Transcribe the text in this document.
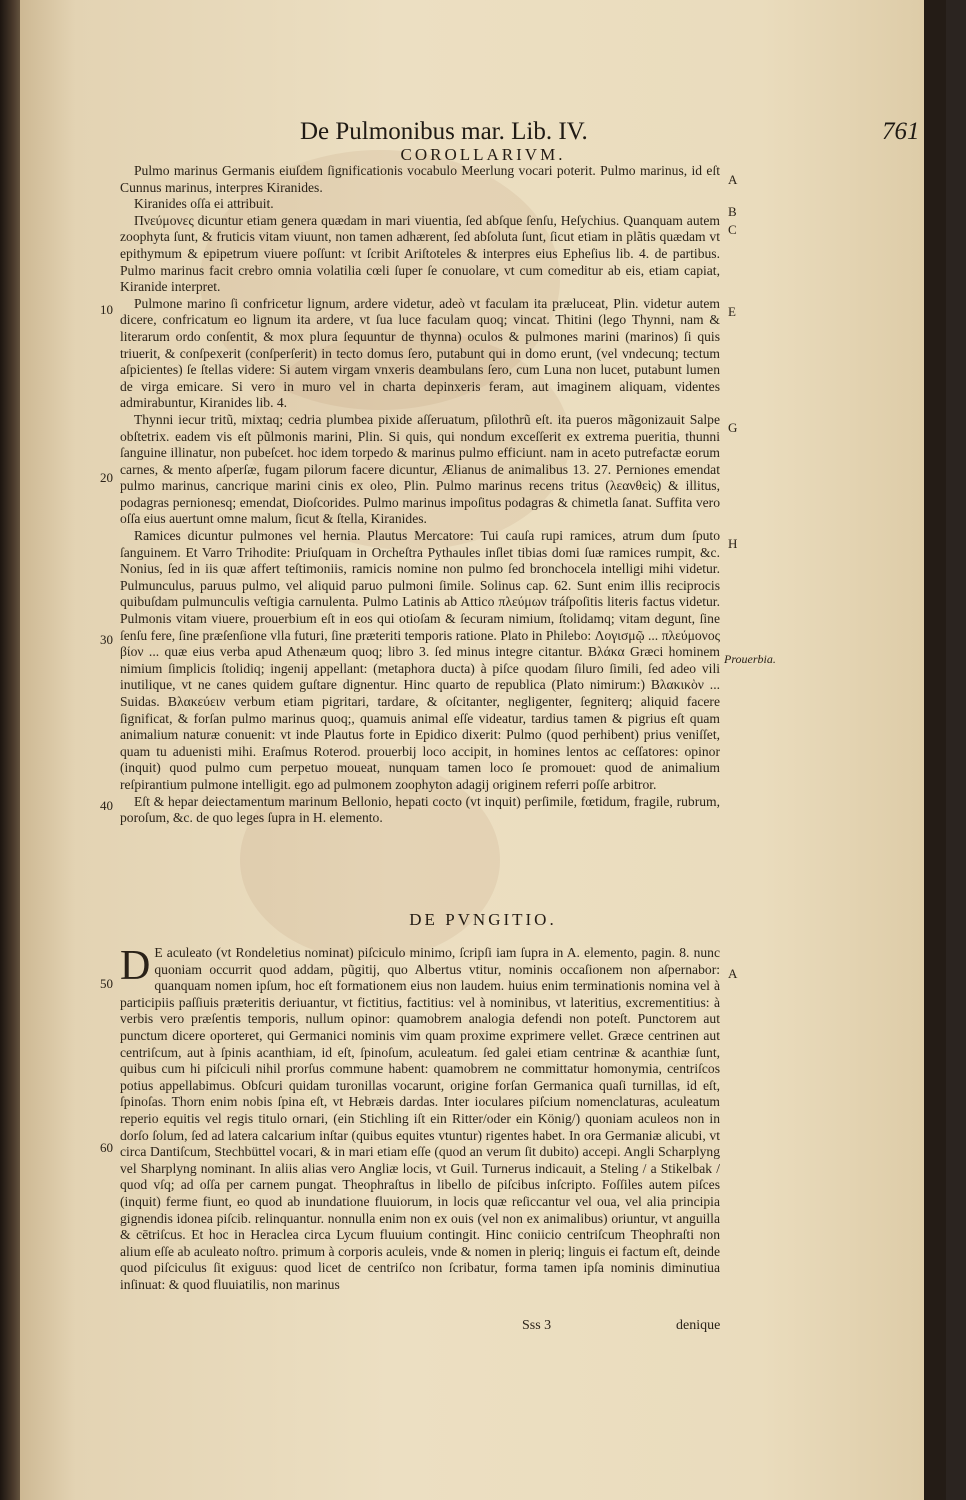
De Pulmonibus mar. Lib. IV.	761
COROLLARIVM.

Pulmo marinus Germanis eiuſdem ſignificationis vocabulo Meerlung vocari poterit. Pulmo marinus, id eſt Cunnus marinus, interpres Kiranides.

Kiranides oſſa ei attribuit.

Πνεύμονες dicuntur etiam genera quædam in mari viuentia, ſed abſque ſenſu, Heſychius. Quanquam autem zoophyta ſunt, & fruticis vitam viuunt, non tamen adhærent, ſed abſoluta ſunt, ſicut etiam in plãtis quædam vt epithymum & epipetrum viuere poſſunt: vt ſcribit Ariſtoteles & interpres eius Epheſius lib. 4. de partibus. Pulmo marinus facit crebro omnia volatilia cœli ſuper ſe conuolare, vt cum comeditur ab eis, etiam capiat, Kiranide interpret.

Pulmone marino ſi confricetur lignum, ardere videtur, adeò vt faculam ita præluceat, Plin. videtur autem dicere, confricatum eo lignum ita ardere, vt ſua luce faculam quoq; vincat. Thitini (lego Thynni, nam & literarum ordo conſentit, & mox plura ſequuntur de thynna) oculos & pulmones marini (marinos) ſi quis triuerit, & conſpexerit (conſperſerit) in tecto domus ſero, putabunt qui in domo erunt, (vel vndecunq; tectum aſpicientes) ſe ſtellas videre: Si autem virgam vnxeris deambulans ſero, cum Luna non lucet, putabunt lumen de virga emicare. Si vero in muro vel in charta depinxeris feram, aut imaginem aliquam, videntes admirabuntur, Kiranides lib. 4.

Thynni iecur tritũ, mixtaq; cedria plumbea pixide aſſeruatum, pſilothrũ eſt. ita pueros mãgonizauit Salpe obſtetrix. eadem vis eſt pũlmonis marini, Plin. Si quis, qui nondum exceſſerit ex extrema pueritia, thunni ſanguine illinatur, non pubeſcet. hoc idem torpedo & marinus pulmo efficiunt. nam in aceto putrefactæ eorum carnes, & mento aſperſæ, fugam pilorum facere dicuntur, Ælianus de animalibus 13. 27. Perniones emendat pulmo marinus, cancrique marini cinis ex oleo, Plin. Pulmo marinus recens tritus (λεανθεὶς) & illitus, podagras pernionesq; emendat, Dioſcorides. Pulmo marinus impoſitus podagras & chimetla ſanat. Suffita vero oſſa eius auertunt omne malum, ſicut & ſtella, Kiranides.

Ramices dicuntur pulmones vel hernia. Plautus Mercatore: Tui cauſa rupi ramices, atrum dum ſputo ſanguinem. Et Varro Trihodite: Priuſquam in Orcheſtra Pythaules inſlet tibias domi ſuæ ramices rumpit, &c. Nonius, ſed in iis quæ affert teſtimoniis, ramicis nomine non pulmo ſed bronchocela intelligi mihi videtur. Pulmunculus, paruus pulmo, vel aliquid paruo pulmoni ſimile. Solinus cap. 62. Sunt enim illis reciprocis quibuſdam pulmunculis veſtigia carnulenta. Pulmo Latinis ab Attico πλεύμων tráſpoſitis literis factus videtur. Pulmonis vitam viuere, prouerbium eſt in eos qui otioſam & ſecuram nimium, ſtolidamq; vitam degunt, ſine ſenſu fere, ſine præſenſione vlla futuri, ſine præteriti temporis ratione. Plato in Philebo: Λογισμῷ ... πλεύμονος βίον ... quæ eius verba apud Athenæum quoq; libro 3. ſed minus integre citantur. Βλάκα Græci hominem nimium ſimplicis ſtolidiq; ingenij appellant: (metaphora ducta) à piſce quodam ſiluro ſimili, ſed adeo vili inutilique, vt ne canes quidem guſtare dignentur. Hinc quarto de republica (Plato nimirum:) Βλακικὸν ... Suidas. Βλακεύειν verbum etiam pigritari, tardare, & oſcitanter, negligenter, ſegniterq; aliquid facere ſignificat, & forſan pulmo marinus quoq;, quamuis animal eſſe videatur, tardius tamen & pigrius eſt quam animalium naturæ conuenit: vt inde Plautus forte in Epidico dixerit: Pulmo (quod perhibent) prius veniſſet, quam tu aduenisti mihi. Eraſmus Roterod. prouerbij loco accipit, in homines lentos ac ceſſatores: opinor (inquit) quod pulmo cum perpetuo moueat, nunquam tamen loco ſe promouet: quod de animalium reſpirantium pulmone intelligit. ego ad pulmonem zoophyton adagij originem referri poſſe arbitror.

Eſt & hepar deiectamentum marinum Bellonio, hepati cocto (vt inquit) perſimile, fœtidum, fragile, rubrum, poroſum, &c. de quo leges ſupra in H. elemento.

DE PVNGITIO.
D E aculeato (vt Rondeletius nominat) piſciculo minimo, ſcripſi iam ſupra in A. elemento, pagin. 8. nunc quoniam occurrit quod addam, pũgitij, quo Albertus vtitur, nominis occaſionem non aſpernabor: quanquam nomen ipſum, hoc eſt formationem eius non laudem. huius enim terminationis nomina vel à participiis paſſiuis præteritis deriuantur, vt fictitius, factitius: vel à nominibus, vt lateritius, excrementitius: à verbis vero præſentis temporis, nullum opinor: quamobrem analogia defendi non poteſt. Punctorem aut punctum dicere oporteret, qui Germanici nominis vim quam proxime exprimere vellet. Græce centrinen aut centriſcum, aut à ſpinis acanthiam, id eſt, ſpinoſum, aculeatum. ſed galei etiam centrinæ & acanthiæ ſunt, quibus cum hi piſciculi nihil prorſus commune habent: quamobrem ne committatur homonymia, centriſcos potius appellabimus. Obſcuri quidam turonillas vocarunt, origine forſan Germanica quaſi turnillas, id eſt, ſpinoſas. Thorn enim nobis ſpina eſt, vt Hebræis dardas. Inter ioculares piſcium nomenclaturas, aculeatum reperio equitis vel regis titulo ornari, (ein Stichling iſt ein Ritter/oder ein König/) quoniam aculeos non in dorſo ſolum, ſed ad latera calcarium inſtar (quibus equites vtuntur) rigentes habet. In ora Germaniæ alicubi, vt circa Dantiſcum, Stechbüttel vocari, & in mari etiam eſſe (quod an verum ſit dubito) accepi. Angli Scharplyng vel Sharplyng nominant. In aliis alias vero Angliæ locis, vt Guil. Turnerus indicauit, a Steling / a Stikelbak / quod vſq; ad oſſa per carnem pungat. Theophraſtus in libello de piſcibus inſcripto. Foſſiles autem piſces (inquit) ferme fiunt, eo quod ab inundatione fluuiorum, in locis quæ reſiccantur vel oua, vel alia principia gignendis idonea piſcib. relinquantur. nonnulla enim non ex ouis (vel non ex animalibus) oriuntur, vt anguilla & cētriſcus. Et hoc in Heraclea circa Lycum fluuium contingit. Hinc coniicio centriſcum Theophraſti non alium eſſe ab aculeato noſtro. primum à corporis aculeis, vnde & nomen in pleriq; linguis ei factum eſt, deinde quod piſciculus ſit exiguus: quod licet de centriſco non ſcribatur, forma tamen ipſa nominis diminutiua inſinuat: & quod fluuiatilis, non marinus
10
20
30
40
50
60
A
B
C
E
G
H
A
Prouerbia.
Sss 3	denique
